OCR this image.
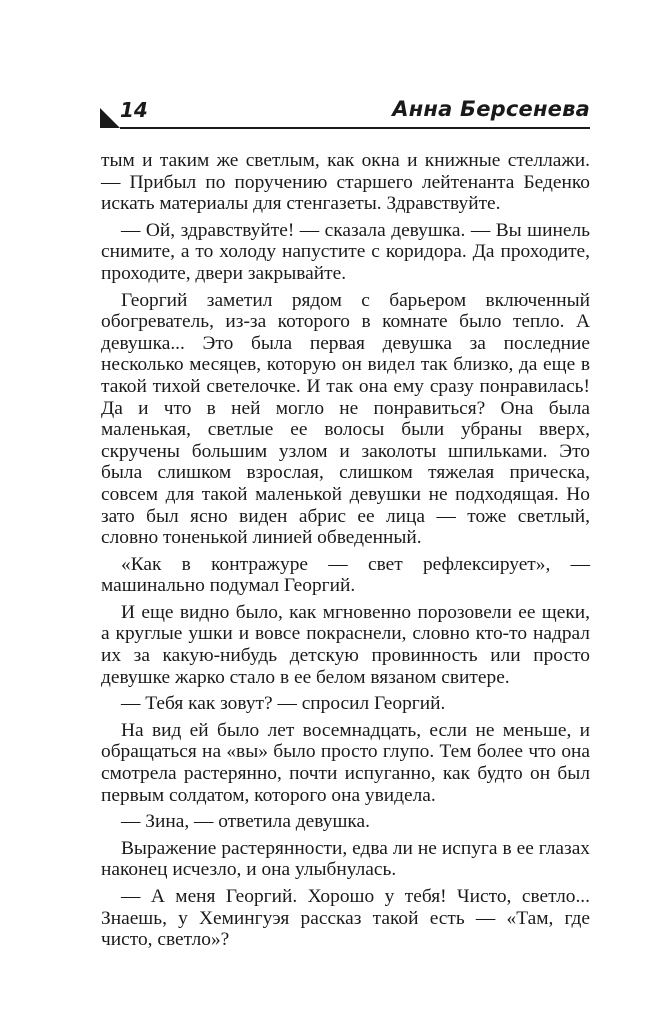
14	Анна Берсенева

тым и таким же светлым, как окна и книжные стеллажи. — Прибыл по поручению старшего лейтенанта Беденко искать материалы для стенгазеты. Здравствуйте.

— Ой, здравствуйте! — сказала девушка. — Вы шинель снимите, а то холоду напустите с коридора. Да проходите, проходите, двери закрывайте.

Георгий заметил рядом с барьером включенный обогреватель, из-за которого в комнате было тепло. А девушка... Это была первая девушка за последние несколько месяцев, которую он видел так близко, да еще в такой тихой светелочке. И так она ему сразу понравилась! Да и что в ней могло не понравиться? Она была маленькая, светлые ее волосы были убраны вверх, скручены большим узлом и заколоты шпильками. Это была слишком взрослая, слишком тяжелая прическа, совсем для такой маленькой девушки не подходящая. Но зато был ясно виден абрис ее лица — тоже светлый, словно тоненькой линией обведенный.

«Как в контражуре — свет рефлексирует», — машинально подумал Георгий.

И еще видно было, как мгновенно порозовели ее щеки, а круглые ушки и вовсе покраснели, словно кто-то надрал их за какую-нибудь детскую провинность или просто девушке жарко стало в ее белом вязаном свитере.

— Тебя как зовут? — спросил Георгий.

На вид ей было лет восемнадцать, если не меньше, и обращаться на «вы» было просто глупо. Тем более что она смотрела растерянно, почти испуганно, как будто он был первым солдатом, которого она увидела.

— Зина, — ответила девушка.

Выражение растерянности, едва ли не испуга в ее глазах наконец исчезло, и она улыбнулась.

— А меня Георгий. Хорошо у тебя! Чисто, светло... Знаешь, у Хемингуэя рассказ такой есть — «Там, где чисто, светло»?
